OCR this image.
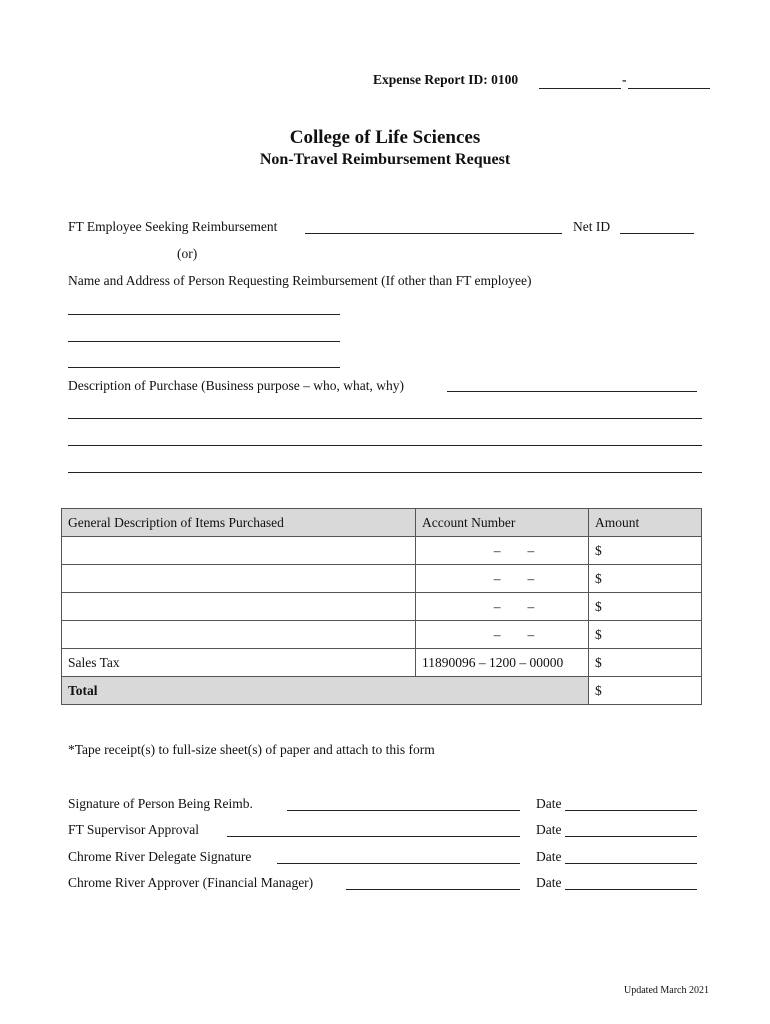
Expense Report ID: 0100	-
College of Life Sciences
Non-Travel Reimbursement Request
FT Employee Seeking Reimbursement	Net ID
(or)
Name and Address of Person Requesting Reimbursement (If other than FT employee)
Description of Purchase (Business purpose – who, what, why)
General Description of Items Purchased	Account Number	Amount
	–        –	$
	–        –	$
	–        –	$
	–        –	$
Sales Tax	11890096 – 1200 – 00000	$
Total		$
*Tape receipt(s) to full-size sheet(s) of paper and attach to this form
Signature of Person Being Reimb.	Date
FT Supervisor Approval	Date
Chrome River Delegate Signature	Date
Chrome River Approver (Financial Manager)	Date
Updated March 2021
